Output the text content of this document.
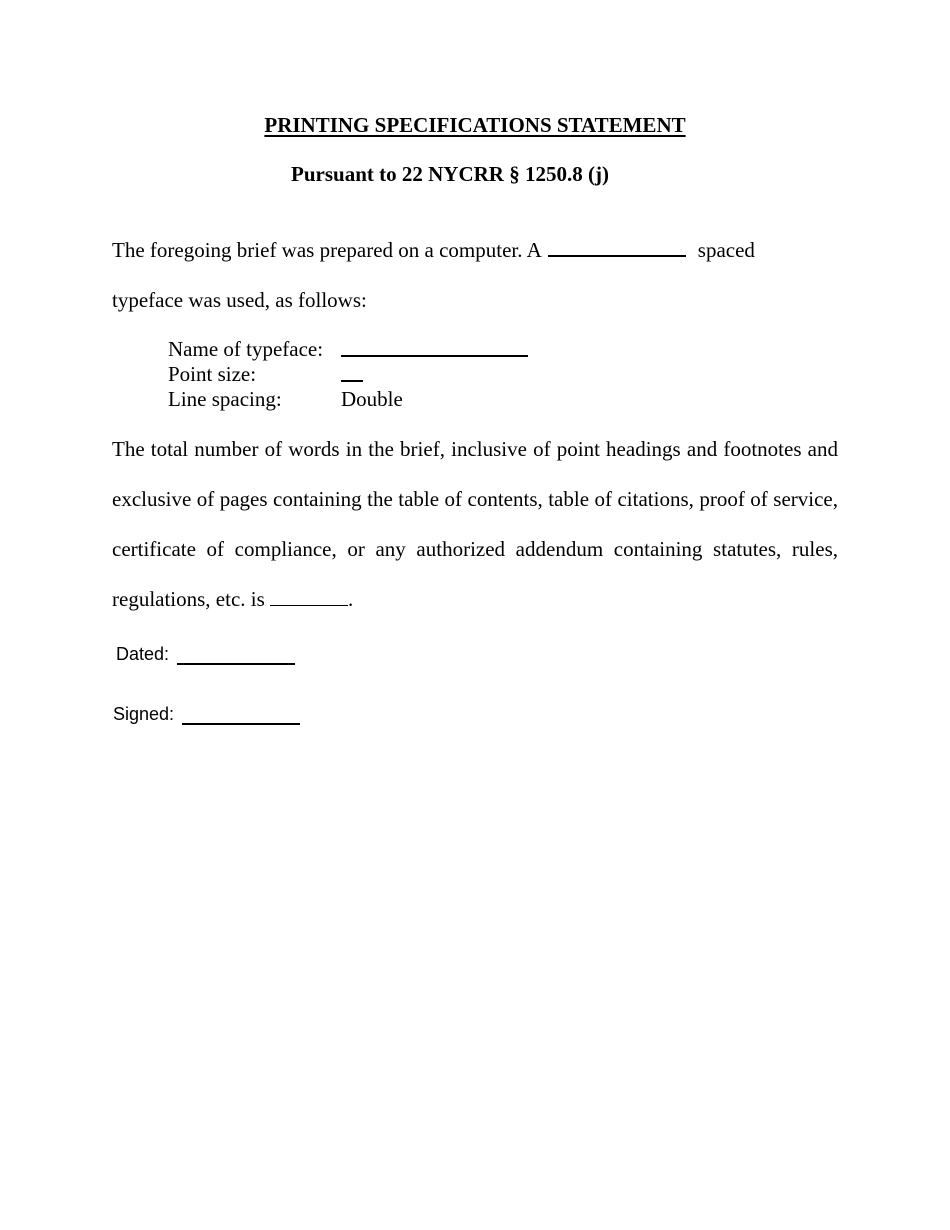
PRINTING SPECIFICATIONS STATEMENT
Pursuant to 22 NYCRR § 1250.8 (j)
The foregoing brief was prepared on a computer. A	spaced
typeface was used, as follows:
Name of typeface:
Point size:
Line spacing:	Double
The total number of words in the brief, inclusive of point headings and footnotes and exclusive of pages containing the table of contents, table of citations, proof of service, certificate of compliance, or any authorized addendum containing statutes, rules, regulations, etc. is	.
Dated:
Signed:
